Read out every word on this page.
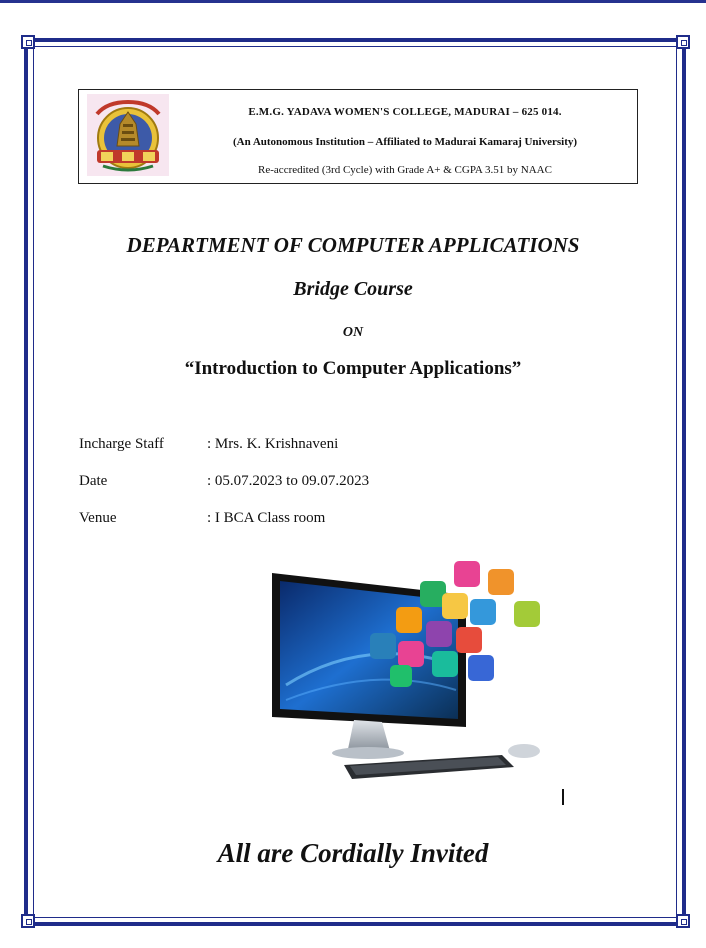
E.M.G. YADAVA WOMEN'S COLLEGE, MADURAI – 625 014.
(An Autonomous Institution – Affiliated to Madurai Kamaraj University)
Re-accredited (3rd Cycle) with Grade A+ & CGPA 3.51 by NAAC
DEPARTMENT OF COMPUTER APPLICATIONS
Bridge Course
ON
“Introduction to Computer Applications”
Incharge Staff	: Mrs. K. Krishnaveni
Date	: 05.07.2023 to 09.07.2023
Venue	: I BCA Class room
All are Cordially Invited
